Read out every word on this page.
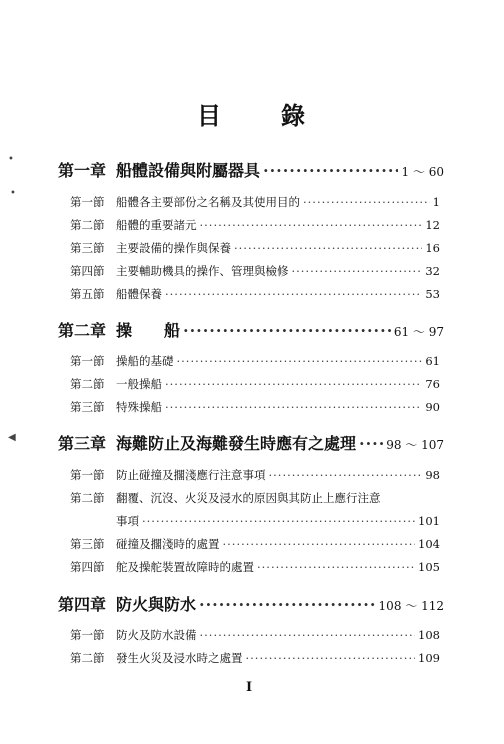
目 錄
第一章 船體設備與附屬器具 ·····	1 ～ 60
第一節	船體各主要部份之名稱及其使用目的 ·····	1
第二節	船體的重要諸元 ·····	12
第三節	主要設備的操作與保養 ·····	16
第四節	主要輔助機具的操作、管理與檢修 ·····	32
第五節	船體保養 ·····	53
第二章 操　　船 ·····	61 ～ 97
第一節	操船的基礎 ·····	61
第二節	一般操船 ·····	76
第三節	特殊操船 ·····	90
第三章 海難防止及海難發生時應有之處理 ·····	98 ～ 107
第一節	防止碰撞及擱淺應行注意事項 ·····	98
第二節	翻覆、沉沒、火災及浸水的原因與其防止上應行注意
事項 ·····	101
第三節	碰撞及擱淺時的處置 ·····	104
第四節	舵及操舵裝置故障時的處置 ·····	105
第四章 防火與防水 ·····	108 ～ 112
第一節	防火及防水設備 ·····	108
第二節	發生火災及浸水時之處置 ·····	109
I
•
•
◀
